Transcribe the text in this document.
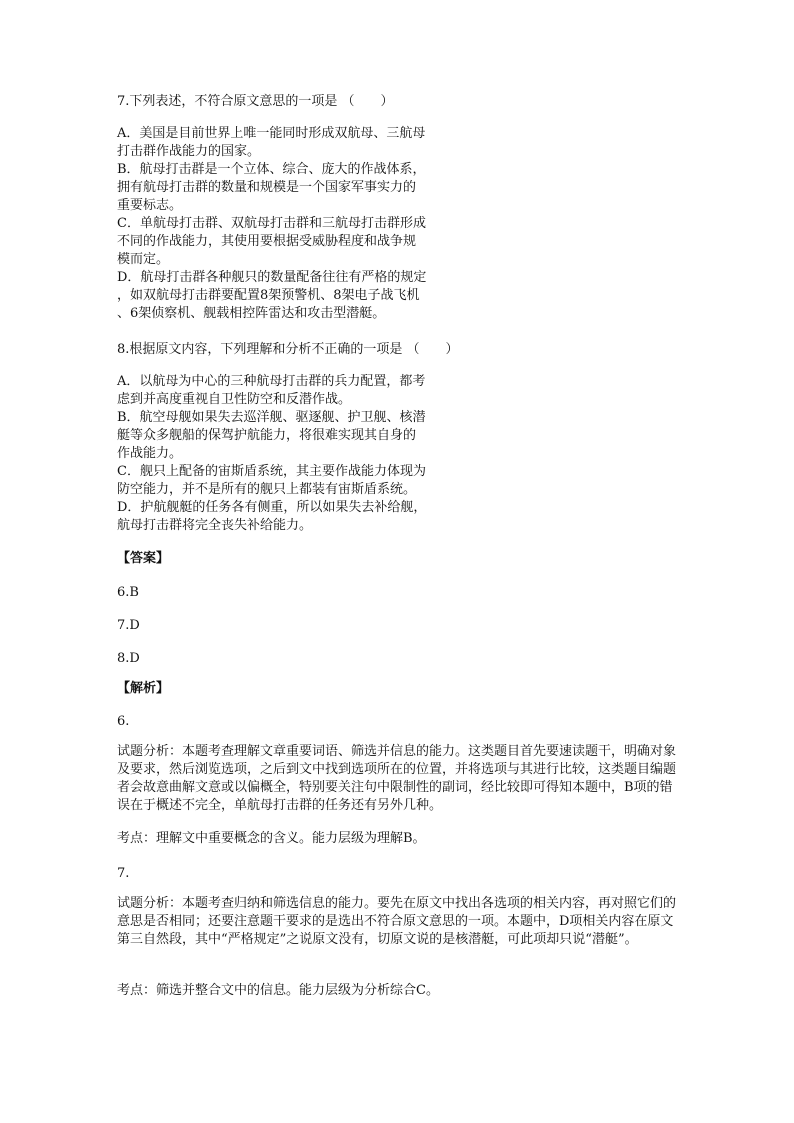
7.下列表述，不符合原文意思的一项是 （　　）

A．美国是目前世界上唯一能同时形成双航母、三航母
打击群作战能力的国家。
B．航母打击群是一个立体、综合、庞大的作战体系，
拥有航母打击群的数量和规模是一个国家军事实力的
重要标志。
C．单航母打击群、双航母打击群和三航母打击群形成
不同的作战能力，其使用要根据受威胁程度和战争规
模而定。
D．航母打击群各种舰只的数量配备往往有严格的规定
，如双航母打击群要配置8架预警机、8架电子战飞机
、6架侦察机、舰载相控阵雷达和攻击型潜艇。

8.根据原文内容，下列理解和分析不正确的一项是 （　　）

A．以航母为中心的三种航母打击群的兵力配置，都考
虑到并高度重视自卫性防空和反潜作战。
B．航空母舰如果失去巡洋舰、驱逐舰、护卫舰、核潜
艇等众多舰船的保驾护航能力，将很难实现其自身的
作战能力。
C．舰只上配备的宙斯盾系统，其主要作战能力体现为
防空能力，并不是所有的舰只上都装有宙斯盾系统。
D．护航舰艇的任务各有侧重，所以如果失去补给舰，
航母打击群将完全丧失补给能力。

【答案】

6.B

7.D

8.D

【解析】

6.

试题分析：本题考查理解文章重要词语、筛选并信息的能力。这类题目首先要速读题干，明确对象及要求，然后浏览选项，之后到文中找到选项所在的位置，并将选项与其进行比较，这类题目编题者会故意曲解文意或以偏概全，特别要关注句中限制性的副词，经比较即可得知本题中，B项的错误在于概述不完全，单航母打击群的任务还有另外几种。

考点：理解文中重要概念的含义。能力层级为理解B。

7.

试题分析：本题考查归纳和筛选信息的能力。要先在原文中找出各选项的相关内容，再对照它们的意思是否相同；还要注意题干要求的是选出不符合原文意思的一项。本题中，D项相关内容在原文第三自然段，其中“严格规定”之说原文没有，切原文说的是核潜艇，可此项却只说“潜艇”。

考点：筛选并整合文中的信息。能力层级为分析综合C。
